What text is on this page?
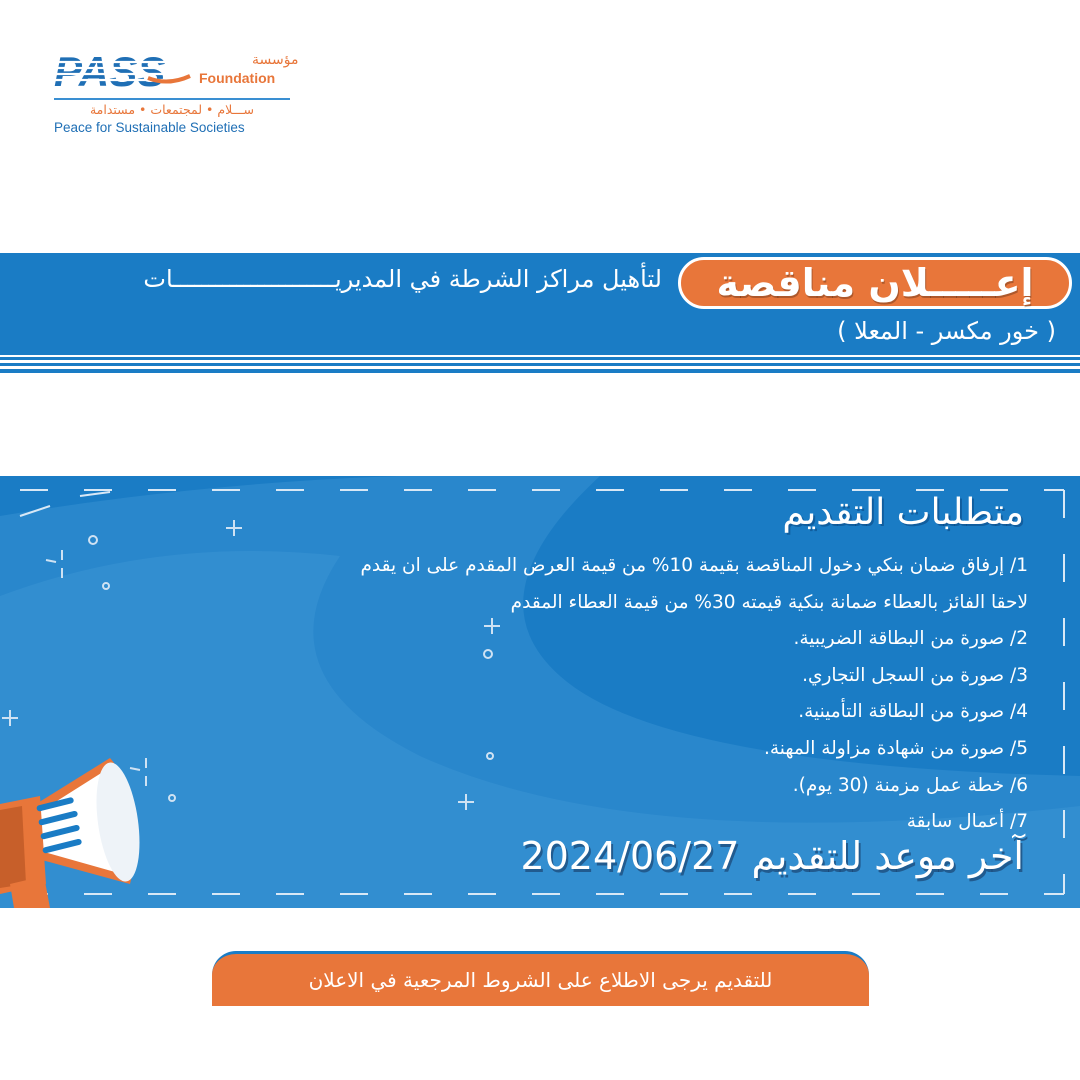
PASS	مؤسسة
Foundation
ســـلام • لمجتمعات • مستدامة
Peace for Sustainable Societies
إعـــــلان مناقصة
لتأهيل مراكز الشرطة في المديريـــــــــــــــــــــــات
( خور مكسر - المعلا )
متطلبات التقديم
1/ إرفاق ضمان بنكي دخول المناقصة بقيمة 10% من قيمة العرض المقدم على ان يقدم
لاحقا الفائز بالعطاء ضمانة بنكية قيمته 30% من قيمة العطاء المقدم
2/ صورة من البطاقة الضريبية.
3/ صورة من السجل التجاري.
4/ صورة من البطاقة التأمينية.
5/ صورة من شهادة مزاولة المهنة.
6/ خطة عمل مزمنة (30 يوم).
7/ أعمال سابقة
آخر موعد للتقديم 2024/06/27
للتقديم يرجى الاطلاع على الشروط المرجعية في الاعلان
